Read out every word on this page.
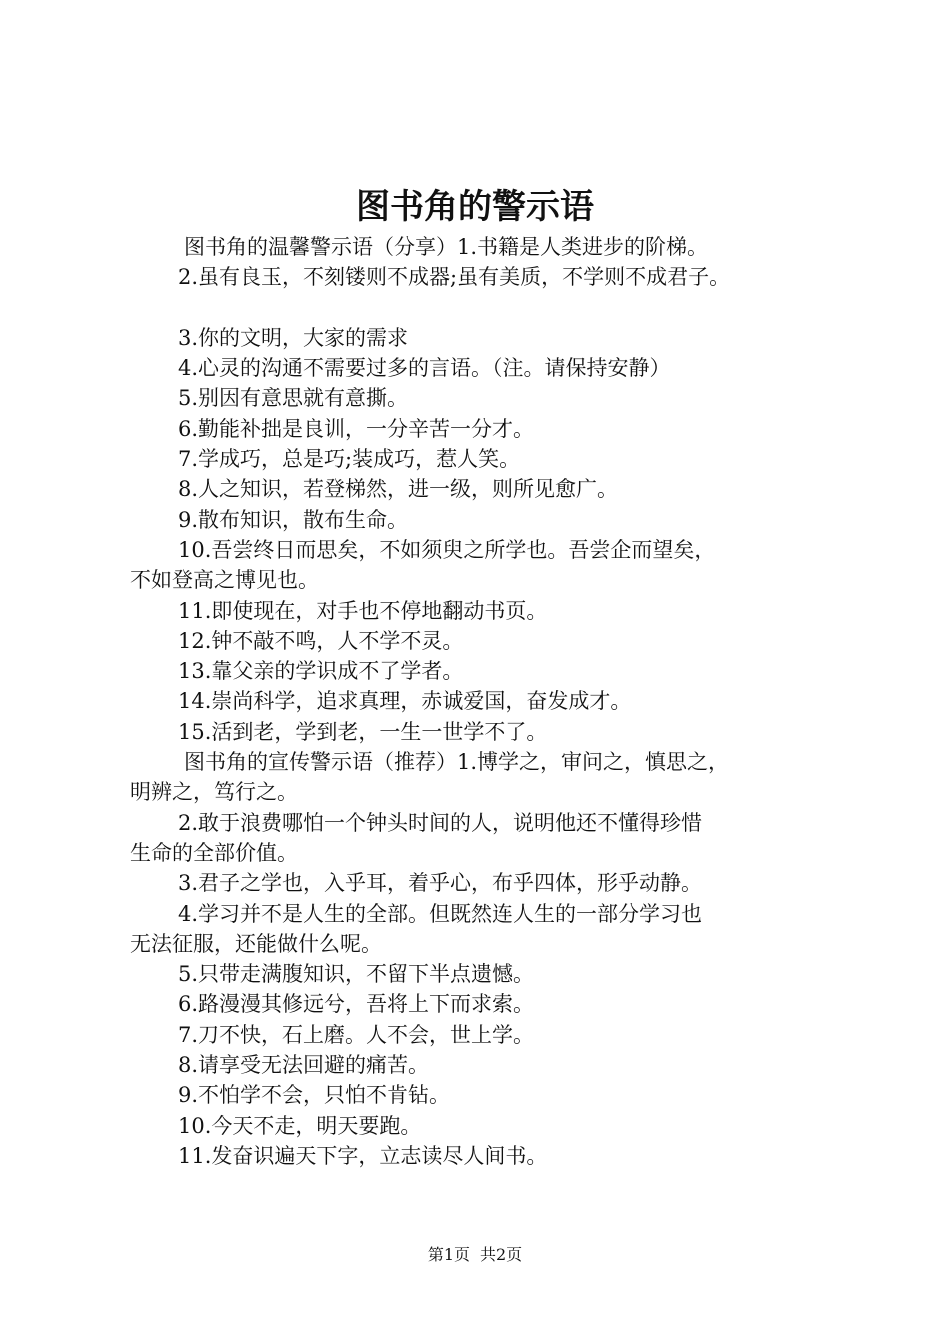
图书角的警示语
图书角的温馨警示语（分享）1.书籍是人类进步的阶梯。
2.虽有良玉，不刻镂则不成器;虽有美质，不学则不成君子。
3.你的文明，大家的需求
4.心灵的沟通不需要过多的言语。（注。请保持安静）
5.别因有意思就有意撕。
6.勤能补拙是良训，一分辛苦一分才。
7.学成巧，总是巧;装成巧，惹人笑。
8.人之知识，若登梯然，进一级，则所见愈广。
9.散布知识，散布生命。
10.吾尝终日而思矣，不如须臾之所学也。吾尝企而望矣，
不如登高之博见也。
11.即使现在，对手也不停地翻动书页。
12.钟不敲不鸣，人不学不灵。
13.靠父亲的学识成不了学者。
14.崇尚科学，追求真理，赤诚爱国，奋发成才。
15.活到老，学到老，一生一世学不了。
图书角的宣传警示语（推荐）1.博学之，审问之，慎思之，
明辨之，笃行之。
2.敢于浪费哪怕一个钟头时间的人，说明他还不懂得珍惜
生命的全部价值。
3.君子之学也，入乎耳，着乎心，布乎四体，形乎动静。
4.学习并不是人生的全部。但既然连人生的一部分学习也
无法征服，还能做什么呢。
5.只带走满腹知识，不留下半点遗憾。
6.路漫漫其修远兮，吾将上下而求索。
7.刀不快，石上磨。人不会，世上学。
8.请享受无法回避的痛苦。
9.不怕学不会，只怕不肯钻。
10.今天不走，明天要跑。
11.发奋识遍天下字，立志读尽人间书。
第1页 共2页
